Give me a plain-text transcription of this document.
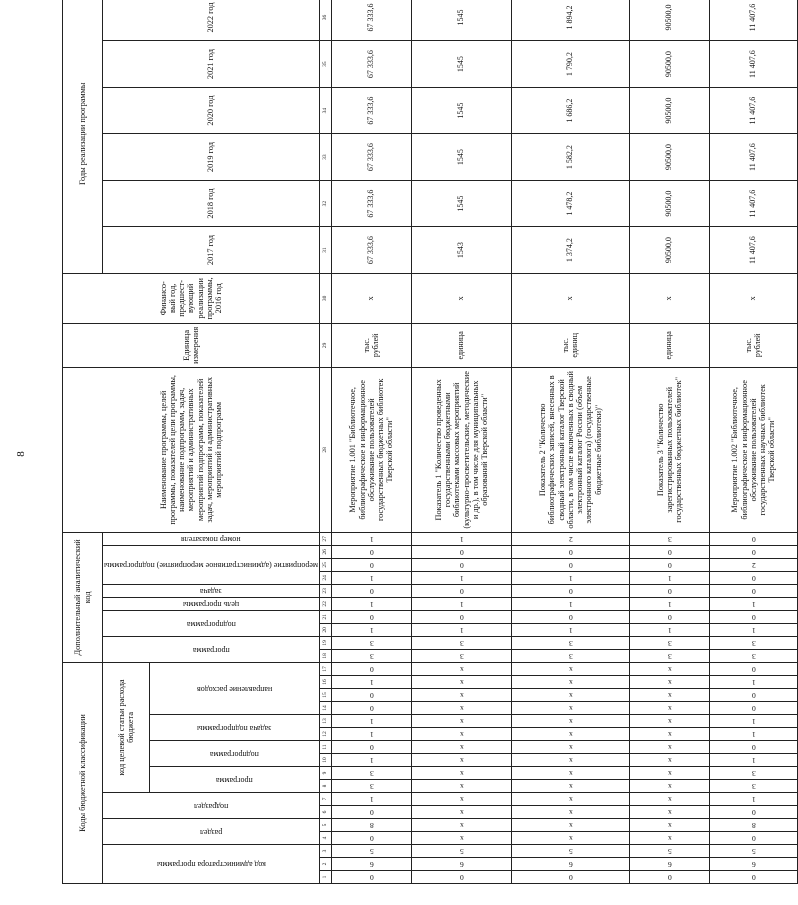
8
Коды бюджетной классификации																	Дополнительный аналитический код										Наименование программы, целей программы, показателей цели программы, наименование подпрограмм, задач, мероприятий и административных мероприятий подпрограмм, показателей задач, мероприятий и административных мероприятий подпрограмм	Единица измерения	Финансо-вый год, предшест-вующий реализации программы, 2016 год	Годы реализации программы	

код администратора программы			раздел		подраздел		код целевой статьи расхода бюджета										программа		подпрограмма		цель программы	задача	мероприятие (административное мероприятие) подпрограммы			номер показателя				2017 год	2018 год	2019 год	2020 год	2021 год	2022 год	

							программа		подпрограмма		задача подпрограммы		направление расходов																							

1	2	3	4	5	6	7	8	9	10	11	12	13	14	15	16	17	18	19	20	21	22	23	24	25	26	27	28	29	30	31	32	33	34	35	36	

0	6	5	0	8	0	1	3	3	1	0	1	1	0	0	1	0	3	3	1	0	1	0	1	0	0	1	Мероприятие 1.001 "Библиотечное, библиографическое и информационное обслуживание пользователей государственных бюджетных библиотек Тверской области"	тыс. рублей	x	67 333,6	67 333,6	67 333,6	67 333,6	67 333,6	67 333,6	

0	6	5	x	x	x	x	x	x	x	x	x	x	x	x	x	x	3	3	1	0	1	0	1	0	0	1	Показатель 1 "Количество проведенных государственными бюджетными библиотеками массовых мероприятий (культурно-просветительские, методические и др.), в том числе для муниципальных образований Тверской области"	единица	x	1543	1545	1545	1545	1545	1545	

0	6	5	x	x	x	x	x	x	x	x	x	x	x	x	x	x	3	3	1	0	1	0	1	0	0	2	Показатель 2 "Количество библиографических записей, внесенных в сводный электронный каталог Тверской области, в том числе включенных в сводный электронный каталог России (объем электронного каталога) (государственные бюджетные библиотеки)"	тыс. единиц	x	1 374,2	1 478,2	1 582,2	1 686,2	1 790,2	1 894,2	

0	6	5	x	x	x	x	x	x	x	x	x	x	x	x	x	x	3	3	1	0	1	0	1	0	0	3	Показатель 3 "Количество зарегистрированных пользователей государственных бюджетных библиотек"	единица	x	90500,0	90500,0	90500,0	90500,0	90500,0	90500,0	

0	6	5	0	8	0	1	3	3	1	0	1	1	0	0	1	0	3	3	1	0	1	0	0	2	0	0	Мероприятие 1.002 "Библиотечное, библиографическое и информационное обслуживание пользователей государственных научных библиотек Тверской области"	тыс. рублей	x	11 407,6	11 407,6	11 407,6	11 407,6	11 407,6	11 407,6	
